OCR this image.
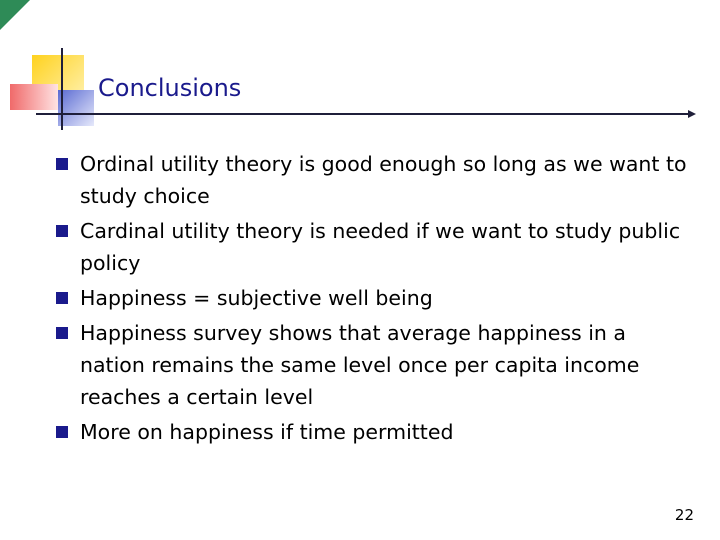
Conclusions
Ordinal utility theory is good enough so long as we want to study choice
Cardinal utility theory is needed if we want to study public policy
Happiness = subjective well being
Happiness survey shows that average happiness in a nation remains the same level once per capita income reaches a certain level
More on happiness if time permitted
22
